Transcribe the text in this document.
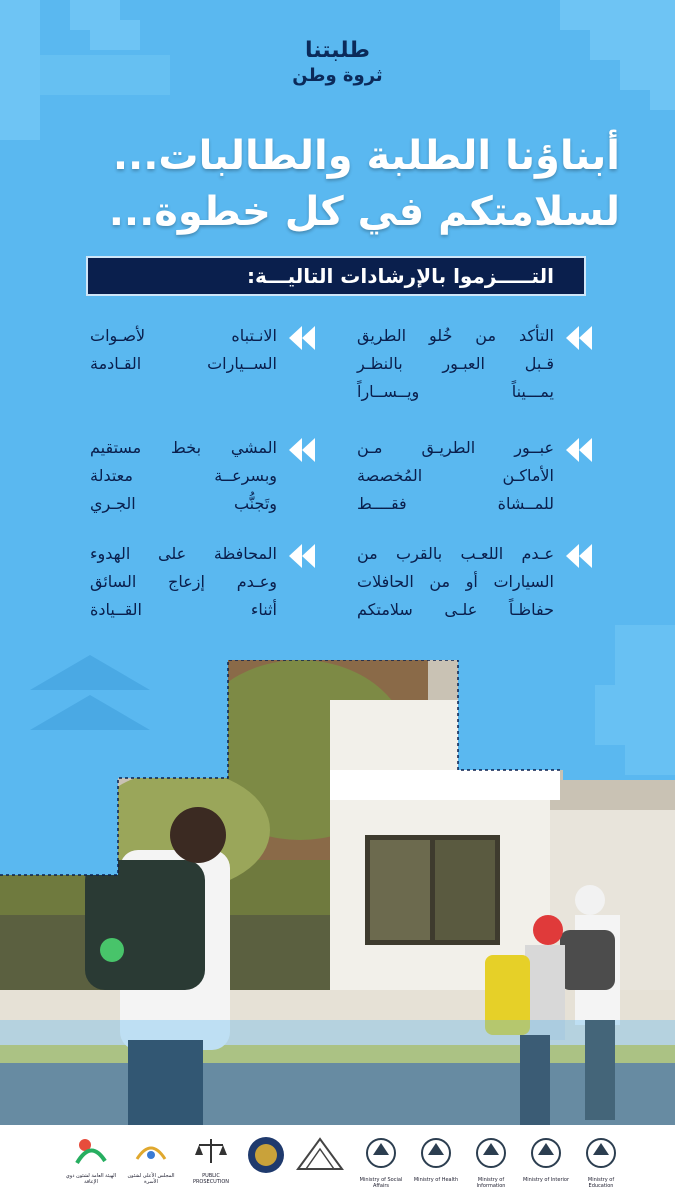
طلبتنا
ثروة وطن
أبناؤنا الطلبة والطالبات...
لسلامتكم في كل خطوة...
التـــــزموا بالإرشادات التاليـــة:
التأكد من خُلو الطريق
قـبل العبـور بالنظـر
يمـــيناً ويــســاراً
عبــور الطريـق مـن
الأماكـن المُخصصة
للمــشاة فقــــط
عـدم اللعـب بالقرب من
السيارات أو من الحافلات
حفاظـاً علـى سلامتكم
الانـتباه لأصـوات
الســيارات القـادمة
المشي بخط مستقيم
وبسرعــة معتدلة
وتَجنُّب الجـري
المحافظة على الهدوء
وعـدم إزعاج السائق
أثناء القــيادة
الهيئة العامة لشئون ذوي الإعاقة
المجلس الأعلى لشئون الأسرة
PUBLIC PROSECUTION	Ministry of Social Affairs
Ministry of Health	Ministry of Information
Ministry of Interior	Ministry of Education
